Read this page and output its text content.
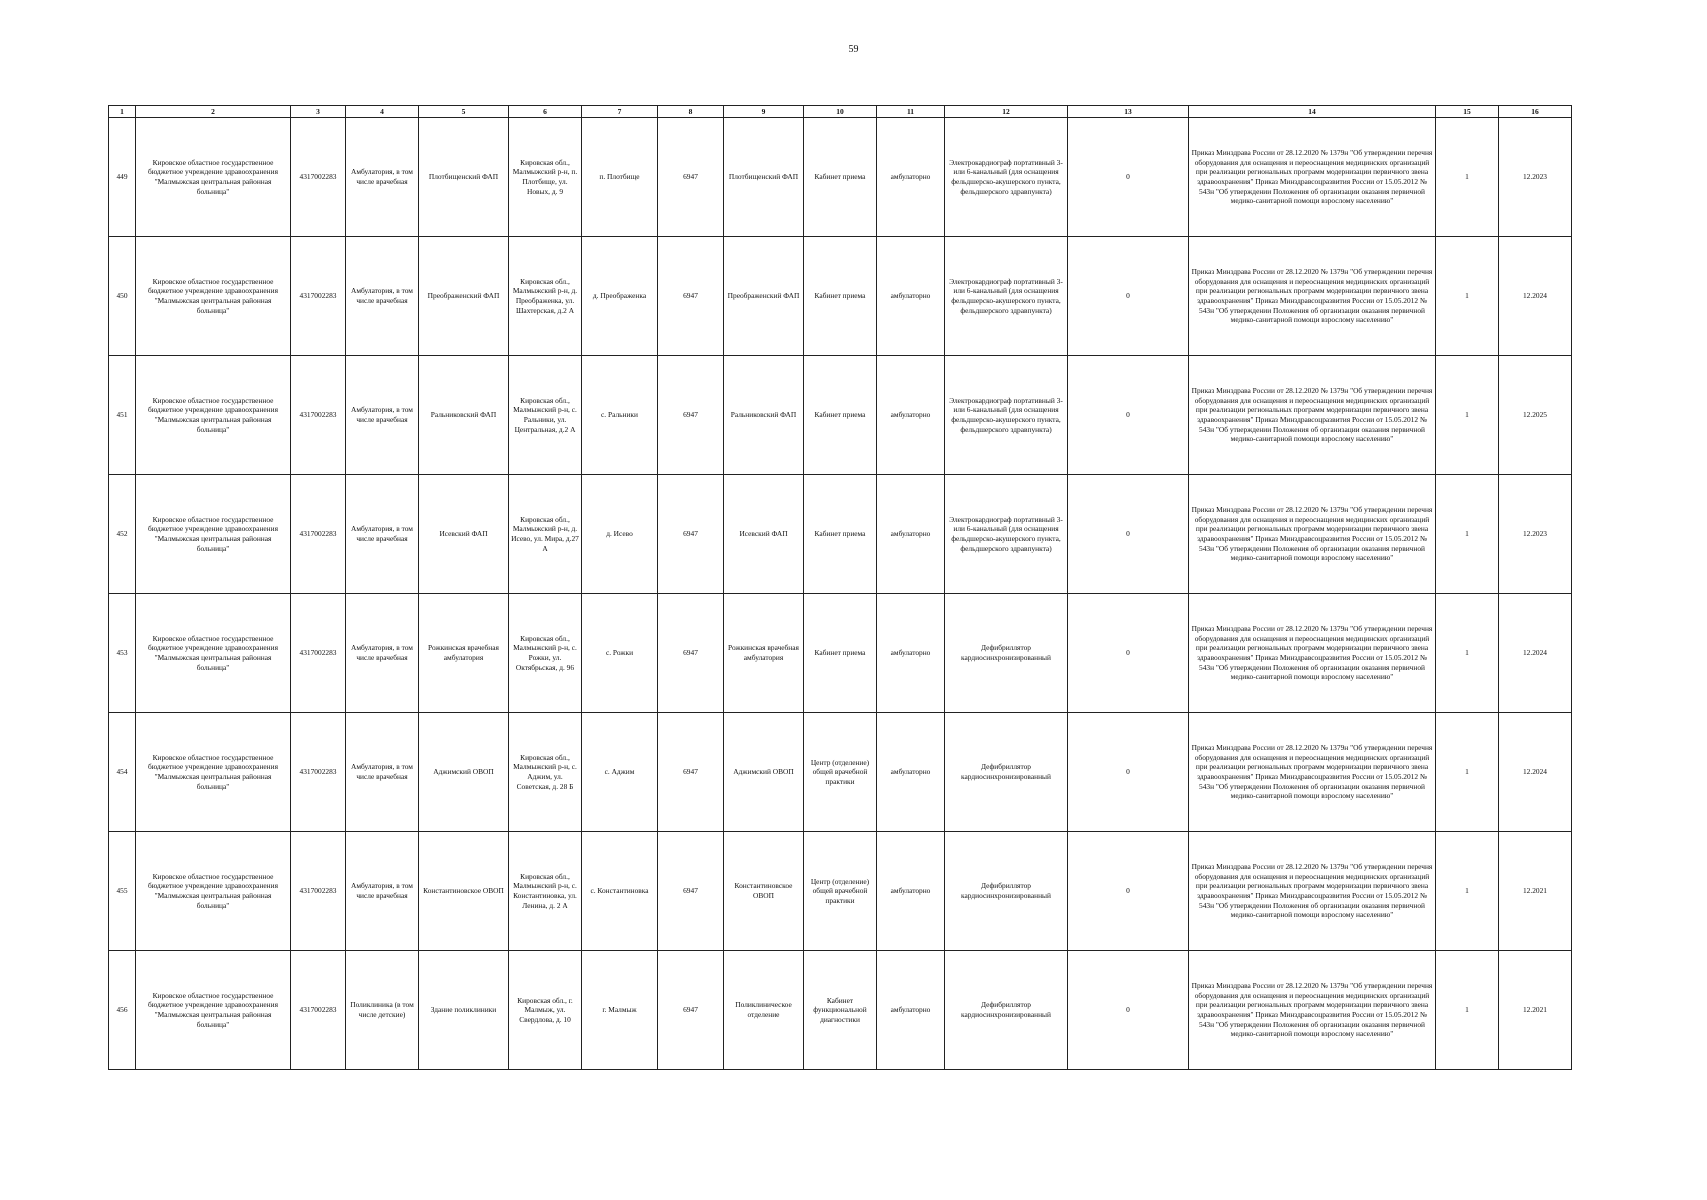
59
1	2	3	4	5	6	7	8	9	10	11	12	13	14	15	16
449	Кировское областное государственное бюджетное учреждение здравоохранения "Малмыжская центральная районная больница"	4317002283	Амбулатория, в том числе врачебная	Плотбищенский ФАП	Кировская обл., Малмыжский р-н, п. Плотбище, ул. Новых, д. 9	п. Плотбище	6947	Плотбищенский ФАП	Кабинет приема	амбулаторно	Электрокардиограф портативный 3- или 6-канальный (для оснащения фельдшерско-акушерского пункта, фельдшерского здравпункта)	0	Приказ Минздрава России от 28.12.2020 № 1379н "Об утверждении перечня оборудования для оснащения и переоснащения медицинских организаций при реализации региональных программ модернизации первичного звена здравоохранения" Приказ Минздравсоцразвития России от 15.05.2012 № 543н "Об утверждении Положения об организации оказания первичной медико-санитарной помощи взрослому населению"	1	12.2023
450	Кировское областное государственное бюджетное учреждение здравоохранения "Малмыжская центральная районная больница"	4317002283	Амбулатория, в том числе врачебная	Преображенский ФАП	Кировская обл., Малмыжский р-н, д. Преображенка, ул. Шахтерская, д.2 А	д. Преображенка	6947	Преображенский ФАП	Кабинет приема	амбулаторно	Электрокардиограф портативный 3- или 6-канальный (для оснащения фельдшерско-акушерского пункта, фельдшерского здравпункта)	0	Приказ Минздрава России от 28.12.2020 № 1379н "Об утверждении перечня оборудования для оснащения и переоснащения медицинских организаций при реализации региональных программ модернизации первичного звена здравоохранения" Приказ Минздравсоцразвития России от 15.05.2012 № 543н "Об утверждении Положения об организации оказания первичной медико-санитарной помощи взрослому населению"	1	12.2024
451	Кировское областное государственное бюджетное учреждение здравоохранения "Малмыжская центральная районная больница"	4317002283	Амбулатория, в том числе врачебная	Ральниковский ФАП	Кировская обл., Малмыжский р-н, с. Ральники, ул. Центральная, д.2 А	с. Ральники	6947	Ральниковский ФАП	Кабинет приема	амбулаторно	Электрокардиограф портативный 3- или 6-канальный (для оснащения фельдшерско-акушерского пункта, фельдшерского здравпункта)	0	Приказ Минздрава России от 28.12.2020 № 1379н "Об утверждении перечня оборудования для оснащения и переоснащения медицинских организаций при реализации региональных программ модернизации первичного звена здравоохранения" Приказ Минздравсоцразвития России от 15.05.2012 № 543н "Об утверждении Положения об организации оказания первичной медико-санитарной помощи взрослому населению"	1	12.2025
452	Кировское областное государственное бюджетное учреждение здравоохранения "Малмыжская центральная районная больница"	4317002283	Амбулатория, в том числе врачебная	Исевский ФАП	Кировская обл., Малмыжский р-н, д. Исево, ул. Мира, д.27 А	д. Исево	6947	Исевский ФАП	Кабинет приема	амбулаторно	Электрокардиограф портативный 3- или 6-канальный (для оснащения фельдшерско-акушерского пункта, фельдшерского здравпункта)	0	Приказ Минздрава России от 28.12.2020 № 1379н "Об утверждении перечня оборудования для оснащения и переоснащения медицинских организаций при реализации региональных программ модернизации первичного звена здравоохранения" Приказ Минздравсоцразвития России от 15.05.2012 № 543н "Об утверждении Положения об организации оказания первичной медико-санитарной помощи взрослому населению"	1	12.2023
453	Кировское областное государственное бюджетное учреждение здравоохранения "Малмыжская центральная районная больница"	4317002283	Амбулатория, в том числе врачебная	Рожкинская врачебная амбулатория	Кировская обл., Малмыжский р-н, с. Рожки, ул. Октябрьская, д. 96	с. Рожки	6947	Рожкинская врачебная амбулатория	Кабинет приема	амбулаторно	Дефибриллятор кардиосинхронизированный	0	Приказ Минздрава России от 28.12.2020 № 1379н "Об утверждении перечня оборудования для оснащения и переоснащения медицинских организаций при реализации региональных программ модернизации первичного звена здравоохранения" Приказ Минздравсоцразвития России от 15.05.2012 № 543н "Об утверждении Положения об организации оказания первичной медико-санитарной помощи взрослому населению"	1	12.2024
454	Кировское областное государственное бюджетное учреждение здравоохранения "Малмыжская центральная районная больница"	4317002283	Амбулатория, в том числе врачебная	Аджимский ОВОП	Кировская обл., Малмыжский р-н, с. Аджим, ул. Советская, д. 28 Б	с. Аджим	6947	Аджимский ОВОП	Центр (отделение) общей врачебной практики	амбулаторно	Дефибриллятор кардиосинхронизированный	0	Приказ Минздрава России от 28.12.2020 № 1379н "Об утверждении перечня оборудования для оснащения и переоснащения медицинских организаций при реализации региональных программ модернизации первичного звена здравоохранения" Приказ Минздравсоцразвития России от 15.05.2012 № 543н "Об утверждении Положения об организации оказания первичной медико-санитарной помощи взрослому населению"	1	12.2024
455	Кировское областное государственное бюджетное учреждение здравоохранения "Малмыжская центральная районная больница"	4317002283	Амбулатория, в том числе врачебная	Константиновское ОВОП	Кировская обл., Малмыжский р-н, с. Константиновка, ул. Ленина, д. 2 А	с. Константиновка	6947	Константиновское ОВОП	Центр (отделение) общей врачебной практики	амбулаторно	Дефибриллятор кардиосинхронизированный	0	Приказ Минздрава России от 28.12.2020 № 1379н "Об утверждении перечня оборудования для оснащения и переоснащения медицинских организаций при реализации региональных программ модернизации первичного звена здравоохранения" Приказ Минздравсоцразвития России от 15.05.2012 № 543н "Об утверждении Положения об организации оказания первичной медико-санитарной помощи взрослому населению"	1	12.2021
456	Кировское областное государственное бюджетное учреждение здравоохранения "Малмыжская центральная районная больница"	4317002283	Поликлиника (в том числе детские)	Здание поликлиники	Кировская обл., г. Малмыж, ул. Свердлова, д. 10	г. Малмыж	6947	Поликлиническое отделение	Кабинет функциональной диагностики	амбулаторно	Дефибриллятор кардиосинхронизированный	0	Приказ Минздрава России от 28.12.2020 № 1379н "Об утверждении перечня оборудования для оснащения и переоснащения медицинских организаций при реализации региональных программ модернизации первичного звена здравоохранения" Приказ Минздравсоцразвития России от 15.05.2012 № 543н "Об утверждении Положения об организации оказания первичной медико-санитарной помощи взрослому населению"	1	12.2021
